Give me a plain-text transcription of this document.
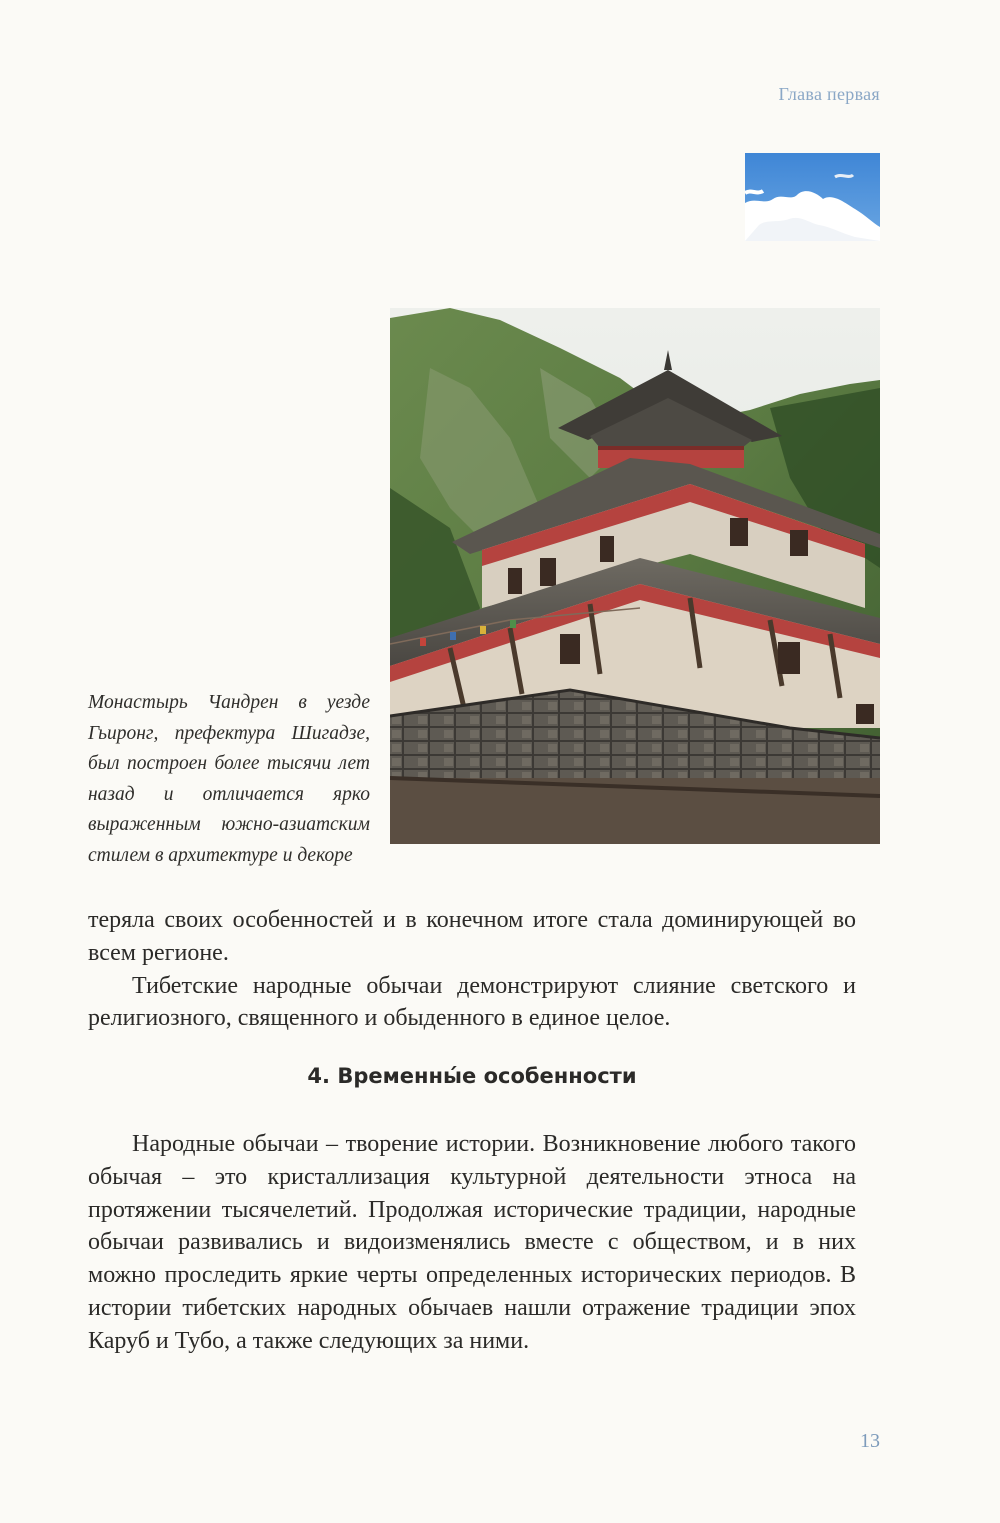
Глава первая
Монастырь Чандрен в уезде Гьиронг, префектура Шигадзе, был построен более тысячи лет назад и отличается ярко выраженным южно-азиатским стилем в архитектуре и декоре

теряла своих особенностей и в конечном итоге стала доминирующей во всем регионе.

Тибетские народные обычаи демонстрируют слияние светского и религиозного, священного и обыденного в единое целое.

4. Временны́е особенности

Народные обычаи – творение истории. Возникновение любого такого обычая – это кристаллизация культурной деятельности этноса на протяжении тысячелетий. Продолжая исторические традиции, народные обычаи развивались и видоизменялись вместе с обществом, и в них можно проследить яркие черты определенных исторических периодов. В истории тибетских народных обычаев нашли отражение традиции эпох Каруб и Тубо, а также следующих за ними.

13
